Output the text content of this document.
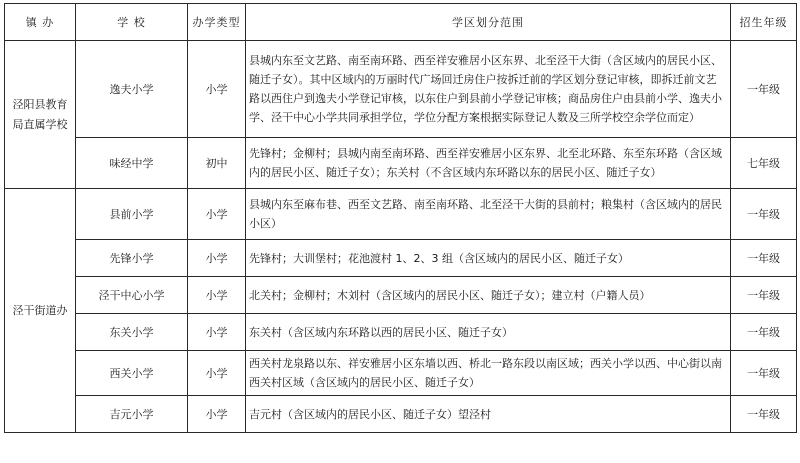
镇 办	学 校	办学类型	学区划分范围	招生年级
泾阳县教育局直属学校	逸夫小学	小学	县城内东至文艺路、南至南环路、西至祥安雅居小区东界、北至泾干大街（含区域内的居民小区、随迁子女）。其中区域内的万丽时代广场回迁房住户按拆迁前的学区划分登记审核，即拆迁前文艺路以西住户到逸夫小学登记审核，以东住户到县前小学登记审核；商品房住户由县前小学、逸夫小学、泾干中心小学共同承担学位，学位分配方案根据实际登记人数及三所学校空余学位而定）	一年级
	味经中学	初中	先锋村；金柳村；县城内南至南环路、西至祥安雅居小区东界、北至北环路、东至东环路（含区域内的居民小区、随迁子女）；东关村（不含区域内东环路以东的居民小区、随迁子女）	七年级
泾干街道办	县前小学	小学	县城内东至麻布巷、西至文艺路、南至南环路、北至泾干大街的县前村；粮集村（含区域内的居民小区）	一年级
	先锋小学	小学	先锋村；大训堡村；花池渡村 1、2、3 组（含区域内的居民小区、随迁子女）	一年级
	泾干中心小学	小学	北关村；金柳村；木刘村（含区域内的居民小区、随迁子女）；建立村（户籍人员）	一年级
	东关小学	小学	东关村（含区域内东环路以西的居民小区、随迁子女）	一年级
	西关小学	小学	西关村龙泉路以东、祥安雅居小区东墙以西、桥北一路东段以南区域；西关小学以西、中心街以南西关村区域（含区域内的居民小区、随迁子女）	一年级
	吉元小学	小学	吉元村（含区域内的居民小区、随迁子女）望泾村	一年级
